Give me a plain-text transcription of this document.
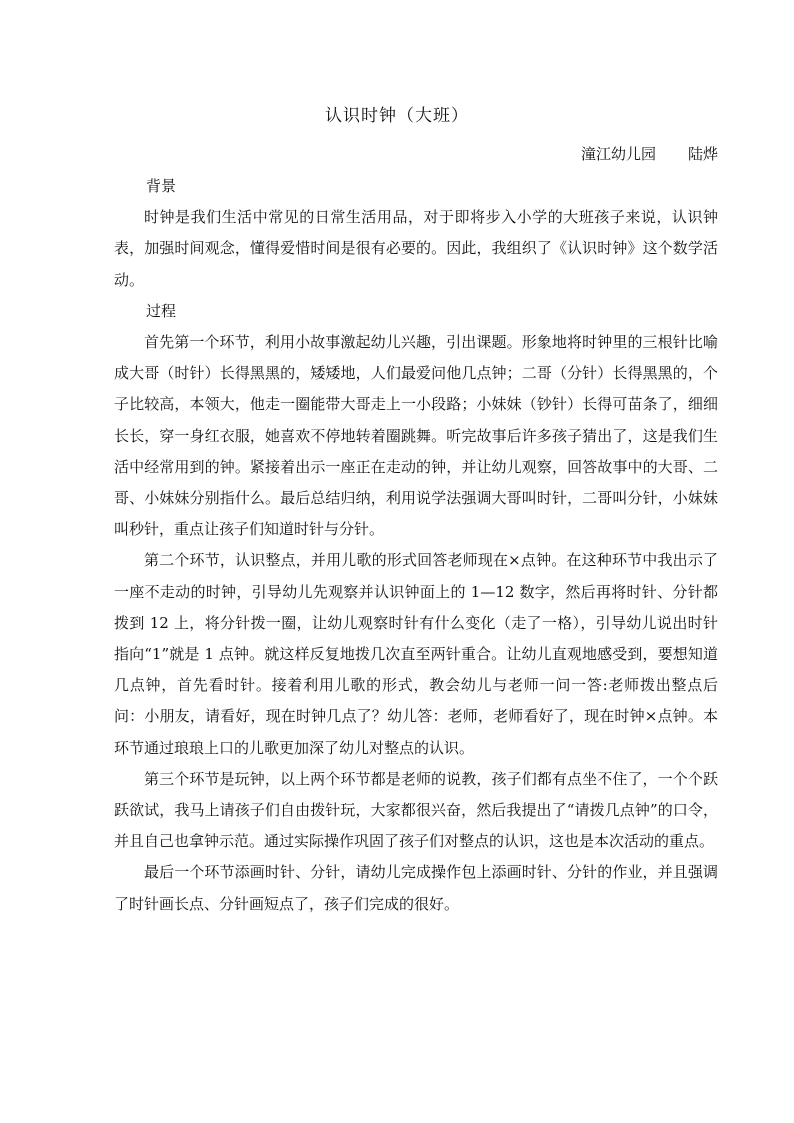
认识时钟（大班）
潼江幼儿园 陆烨

背景

时钟是我们生活中常见的日常生活用品，对于即将步入小学的大班孩子来说，认识钟表，加强时间观念，懂得爱惜时间是很有必要的。因此，我组织了《认识时钟》这个数学活动。

过程

首先第一个环节，利用小故事激起幼儿兴趣，引出课题。形象地将时钟里的三根针比喻成大哥（时针）长得黑黑的，矮矮地，人们最爱问他几点钟；二哥（分针）长得黑黑的，个子比较高，本领大，他走一圈能带大哥走上一小段路；小妹妹（钞针）长得可苗条了，细细长长，穿一身红衣服，她喜欢不停地转着圈跳舞。听完故事后许多孩子猜出了，这是我们生活中经常用到的钟。紧接着出示一座正在走动的钟，并让幼儿观察，回答故事中的大哥、二哥、小妹妹分别指什么。最后总结归纳，利用说学法强调大哥叫时针，二哥叫分针，小妹妹叫秒针，重点让孩子们知道时针与分针。

第二个环节，认识整点，并用儿歌的形式回答老师现在×点钟。在这种环节中我出示了一座不走动的时钟，引导幼儿先观察并认识钟面上的 1—12 数字，然后再将时针、分针都拨到 12 上，将分针拨一圈，让幼儿观察时针有什么变化（走了一格），引导幼儿说出时针指向“1”就是 1 点钟。就这样反复地拨几次直至两针重合。让幼儿直观地感受到，要想知道几点钟，首先看时针。接着利用儿歌的形式，教会幼儿与老师一问一答:老师拨出整点后问：小朋友，请看好，现在时钟几点了？幼儿答：老师，老师看好了，现在时钟×点钟。本环节通过琅琅上口的儿歌更加深了幼儿对整点的认识。

第三个环节是玩钟，以上两个环节都是老师的说教，孩子们都有点坐不住了，一个个跃跃欲试，我马上请孩子们自由拨针玩，大家都很兴奋，然后我提出了“请拨几点钟”的口令，并且自己也拿钟示范。通过实际操作巩固了孩子们对整点的认识，这也是本次活动的重点。

最后一个环节添画时针、分针，请幼儿完成操作包上添画时针、分针的作业，并且强调了时针画长点、分针画短点了，孩子们完成的很好。
